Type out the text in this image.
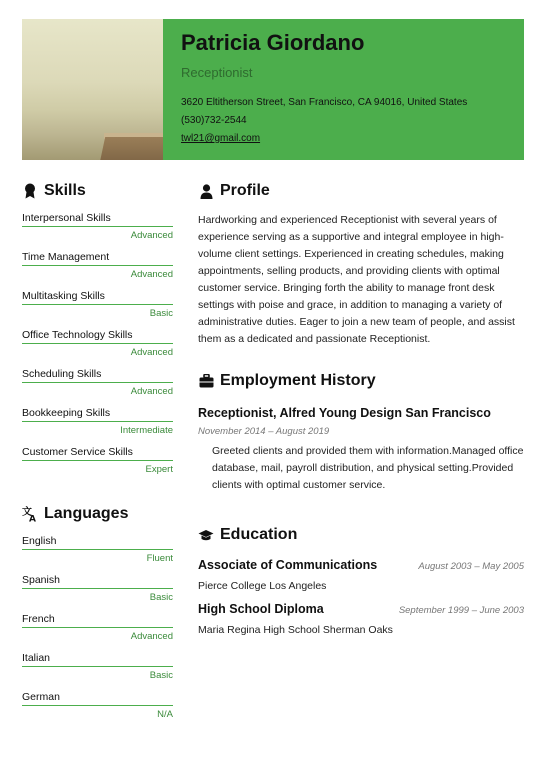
Patricia Giordano
Receptionist
3620 Eltitherson Street, San Francisco, CA 94016, United States
(530)732-2544
twl21@gmail.com
Skills
Interpersonal Skills
Advanced
Time Management
Advanced
Multitasking Skills
Basic
Office Technology Skills
Advanced
Scheduling Skills
Advanced
Bookkeeping Skills
Intermediate
Customer Service Skills
Expert
文
A Languages
English
Fluent
Spanish
Basic
French
Advanced
Italian
Basic
German
N/A
Profile
Hardworking and experienced Receptionist with several years of experience serving as a supportive and integral employee in high-volume client settings. Experienced in creating schedules, making appointments, selling products, and providing clients with optimal customer service. Bringing forth the ability to manage front desk settings with poise and grace, in addition to managing a variety of administrative duties. Eager to join a new team of people, and assist them as a dedicated and passionate Receptionist.
Employment History
Receptionist, Alfred Young Design San Francisco
November 2014 – August 2019
Greeted clients and provided them with information.Managed office database, mail, payroll distribution, and physical setting.Provided clients with optimal customer service.
Education
Associate of Communications	August 2003 – May 2005
Pierce College Los Angeles
High School Diploma	September 1999 – June 2003
Maria Regina High School Sherman Oaks
